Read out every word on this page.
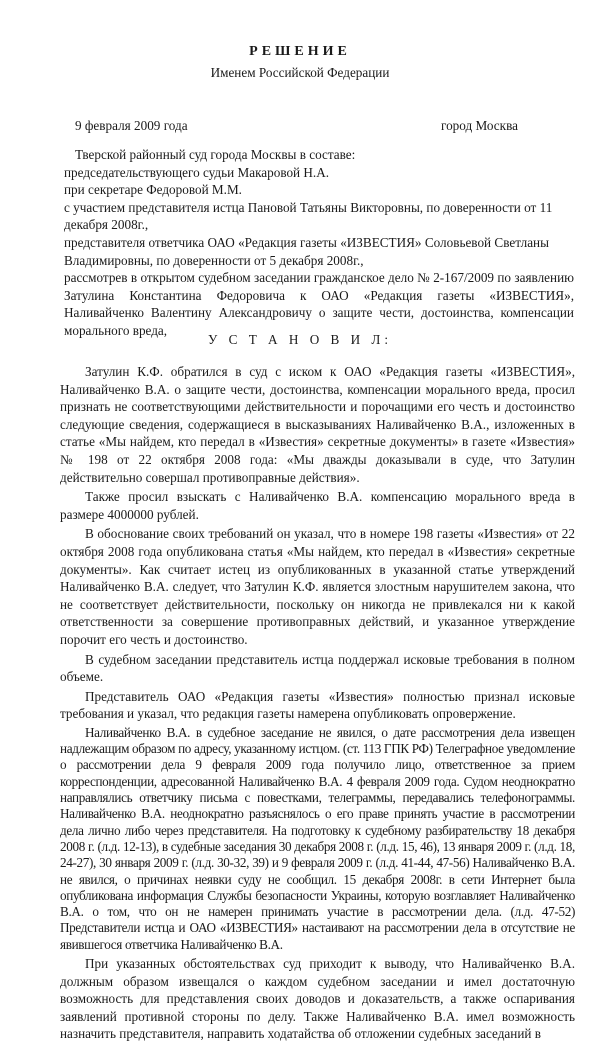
РЕШЕНИЕ
Именем Российской Федерации
9 февраля 2009 года	город Москва

Тверской районный суд города Москвы в составе:

председательствующего судьи Макаровой Н.А.

при секретаре Федоровой М.М.

с участием представителя истца Пановой Татьяны Викторовны, по доверенности от 11 декабря 2008г.,

представителя ответчика ОАО «Редакция газеты «ИЗВЕСТИЯ» Соловьевой Светланы Владимировны, по доверенности от 5 декабря 2008г.,

рассмотрев в открытом судебном заседании гражданское дело № 2-167/2009 по заявлению Затулина Константина Федоровича к ОАО «Редакция газеты «ИЗВЕСТИЯ», Наливайченко Валентину Александровичу о защите чести, достоинства, компенсации морального вреда,

У С Т А Н О В И Л:

Затулин К.Ф. обратился в суд с иском к ОАО «Редакция газеты «ИЗВЕСТИЯ», Наливайченко В.А. о защите чести, достоинства, компенсации морального вреда, просил признать не соответствующими действительности и порочащими его честь и достоинство следующие сведения, содержащиеся в высказываниях Наливайченко В.А., изложенных в статье «Мы найдем, кто передал в «Известия» секретные документы» в газете «Известия» № 198 от 22 октября 2008 года: «Мы дважды доказывали в суде, что Затулин действительно совершал противоправные действия».

Также просил взыскать с Наливайченко В.А. компенсацию морального вреда в размере 4000000 рублей.

В обоснование своих требований он указал, что в номере 198 газеты «Известия» от 22 октября 2008 года опубликована статья «Мы найдем, кто передал в «Известия» секретные документы». Как считает истец из опубликованных в указанной статье утверждений Наливайченко В.А. следует, что Затулин К.Ф. является злостным нарушителем закона, что не соответствует действительности, поскольку он никогда не привлекался ни к какой ответственности за совершение противоправных действий, и указанное утверждение порочит его честь и достоинство.

В судебном заседании представитель истца поддержал исковые требования в полном объеме.

Представитель ОАО «Редакция газеты «Известия» полностью признал исковые требования и указал, что редакция газеты намерена опубликовать опровержение.

Наливайченко В.А. в судебное заседание не явился, о дате рассмотрения дела извещен надлежащим образом по адресу, указанному истцом. (ст. 113 ГПК РФ) Телеграфное уведомление о рассмотрении дела 9 февраля 2009 года получило лицо, ответственное за прием корреспонденции, адресованной Наливайченко В.А. 4 февраля 2009 года. Судом неоднократно направлялись ответчику письма с повестками, телеграммы, передавались телефонограммы. Наливайченко В.А. неоднократно разъяснялось о его праве принять участие в рассмотрении дела лично либо через представителя. На подготовку к судебному разбирательству 18 декабря 2008 г. (л.д. 12-13), в судебные заседания 30 декабря 2008 г. (л.д. 15, 46), 13 января 2009 г. (л.д. 18, 24-27), 30 января 2009 г. (л.д. 30-32, 39) и 9 февраля 2009 г. (л.д. 41-44, 47-56) Наливайченко В.А. не явился, о причинах неявки суду не сообщил. 15 декабря 2008г. в сети Интернет была опубликована информация Службы безопасности Украины, которую возглавляет Наливайченко В.А. о том, что он не намерен принимать участие в рассмотрении дела. (л.д. 47-52) Представители истца и ОАО «ИЗВЕСТИЯ» настаивают на рассмотрении дела в отсутствие не явившегося ответчика Наливайченко В.А.

При указанных обстоятельствах суд приходит к выводу, что Наливайченко В.А. должным образом извещался о каждом судебном заседании и имел достаточную возможность для представления своих доводов и доказательств, а также оспаривания заявлений противной стороны по делу. Также Наливайченко В.А. имел возможность назначить представителя, направить ходатайства об отложении судебных заседаний в
